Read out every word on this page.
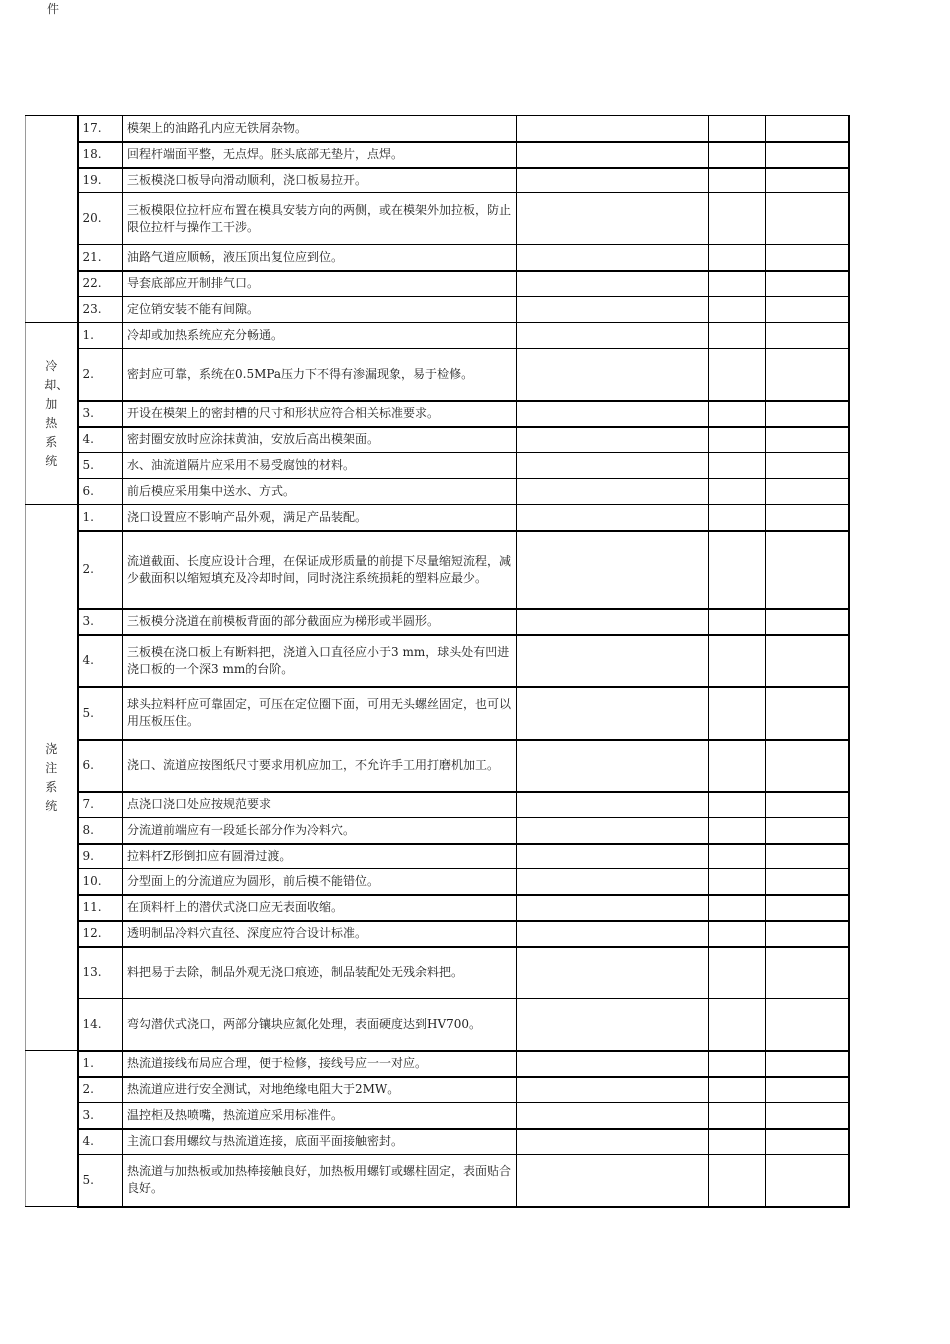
件
	17.	模架上的油路孔内应无铁屑杂物。			
	18.	回程杆端面平整，无点焊。胚头底部无垫片，点焊。			
	19.	三板模浇口板导向滑动顺利，浇口板易拉开。			
	20.	三板模限位拉杆应布置在模具安装方向的两侧，或在模架外加拉板，防止限位拉杆与操作工干涉。			
	21.	油路气道应顺畅，液压顶出复位应到位。			
	22.	导套底部应开制排气口。			
	23.	定位销安装不能有间隙。			
冷却、加热系统	1.	冷却或加热系统应充分畅通。			
	2.	密封应可靠，系统在0.5MPa压力下不得有渗漏现象，易于检修。			
	3.	开设在模架上的密封槽的尺寸和形状应符合相关标准要求。			
	4.	密封圈安放时应涂抹黄油，安放后高出模架面。			
	5.	水、油流道隔片应采用不易受腐蚀的材料。			
	6.	前后模应采用集中送水、方式。			
浇注系统	1.	浇口设置应不影响产品外观，满足产品装配。			
	2.	流道截面、长度应设计合理，在保证成形质量的前提下尽量缩短流程，减少截面积以缩短填充及冷却时间，同时浇注系统损耗的塑料应最少。			
	3.	三板模分浇道在前模板背面的部分截面应为梯形或半圆形。			
	4.	三板模在浇口板上有断料把，浇道入口直径应小于3 mm，球头处有凹进浇口板的一个深3 mm的台阶。			
	5.	球头拉料杆应可靠固定，可压在定位圈下面，可用无头螺丝固定，也可以用压板压住。			
	6.	浇口、流道应按图纸尺寸要求用机应加工，不允许手工用打磨机加工。			
	7.	点浇口浇口处应按规范要求			
	8.	分流道前端应有一段延长部分作为冷料穴。			
	9.	拉料杆Z形倒扣应有圆滑过渡。			
	10.	分型面上的分流道应为圆形，前后模不能错位。			
	11.	在顶料杆上的潜伏式浇口应无表面收缩。			
	12.	透明制品冷料穴直径、深度应符合设计标准。			
	13.	料把易于去除，制品外观无浇口痕迹，制品装配处无残余料把。			
	14.	弯勾潜伏式浇口，两部分镶块应氮化处理，表面硬度达到HV700。			
	1.	热流道接线布局应合理，便于检修，接线号应一一对应。			
	2.	热流道应进行安全测试，对地绝缘电阻大于2MW。			
	3.	温控柜及热喷嘴，热流道应采用标准件。			
	4.	主流口套用螺纹与热流道连接，底面平面接触密封。			
	5.	热流道与加热板或加热棒接触良好，加热板用螺钉或螺柱固定，表面贴合良好。			
